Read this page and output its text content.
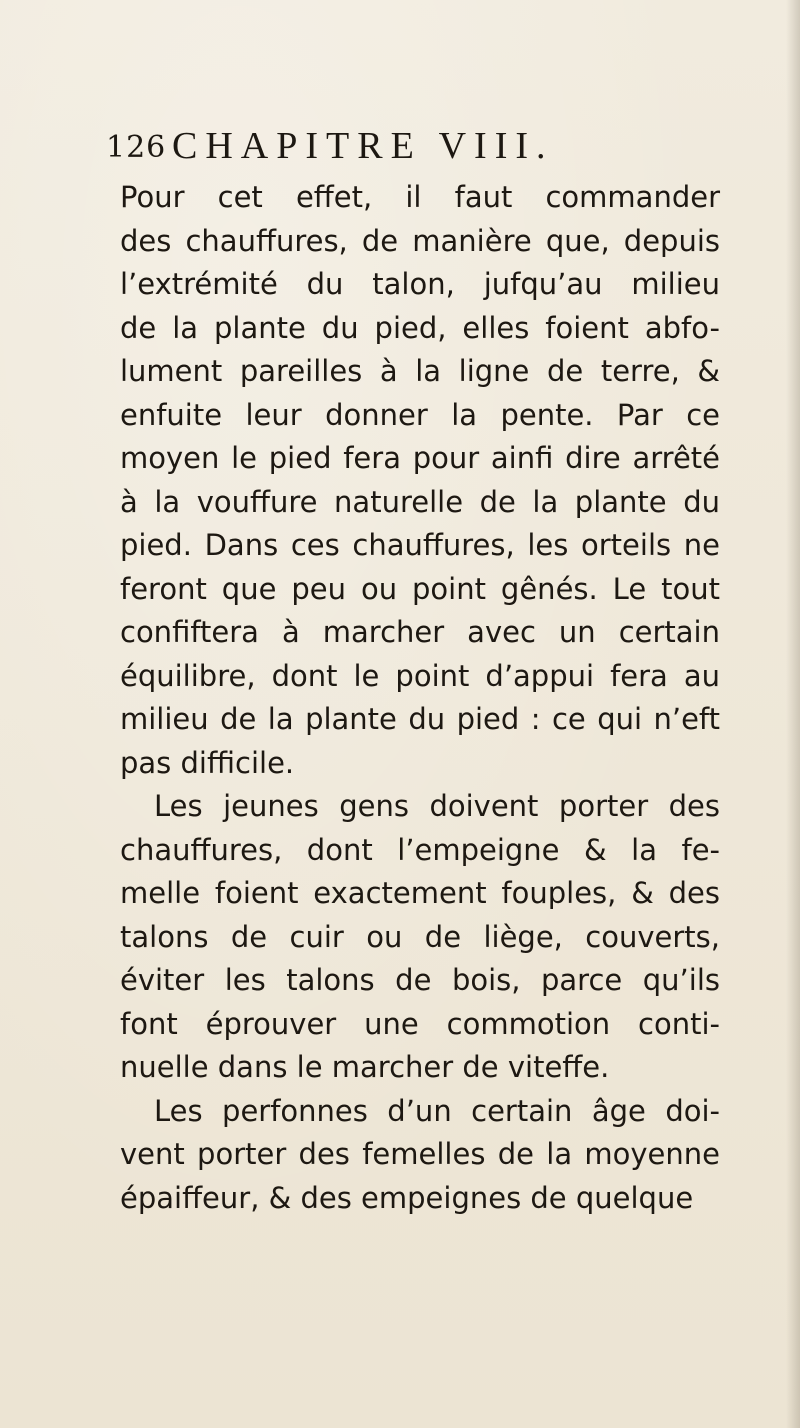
126 CHAPITRE VIII.
Pour cet effet, il faut commander
des chauffures, de manière que, depuis
l’extrémité du talon, jufqu’au milieu
de la plante du pied, elles foient abfo-
lument pareilles à la ligne de terre, &
enfuite leur donner la pente. Par ce
moyen le pied fera pour ainfi dire arrêté
à la vouffure naturelle de la plante du
pied. Dans ces chauffures, les orteils ne
feront que peu ou point gênés. Le tout
confiftera à marcher avec un certain
équilibre, dont le point d’appui fera au
milieu de la plante du pied : ce qui n’eft
pas difficile.
Les jeunes gens doivent porter des
chauffures, dont l’empeigne & la fe-
melle foient exactement fouples, & des
talons de cuir ou de liège, couverts,
éviter les talons de bois, parce qu’ils
font éprouver une commotion conti-
nuelle dans le marcher de viteffe.
Les perfonnes d’un certain âge doi-
vent porter des femelles de la moyenne
épaiffeur, & des empeignes de quelque
